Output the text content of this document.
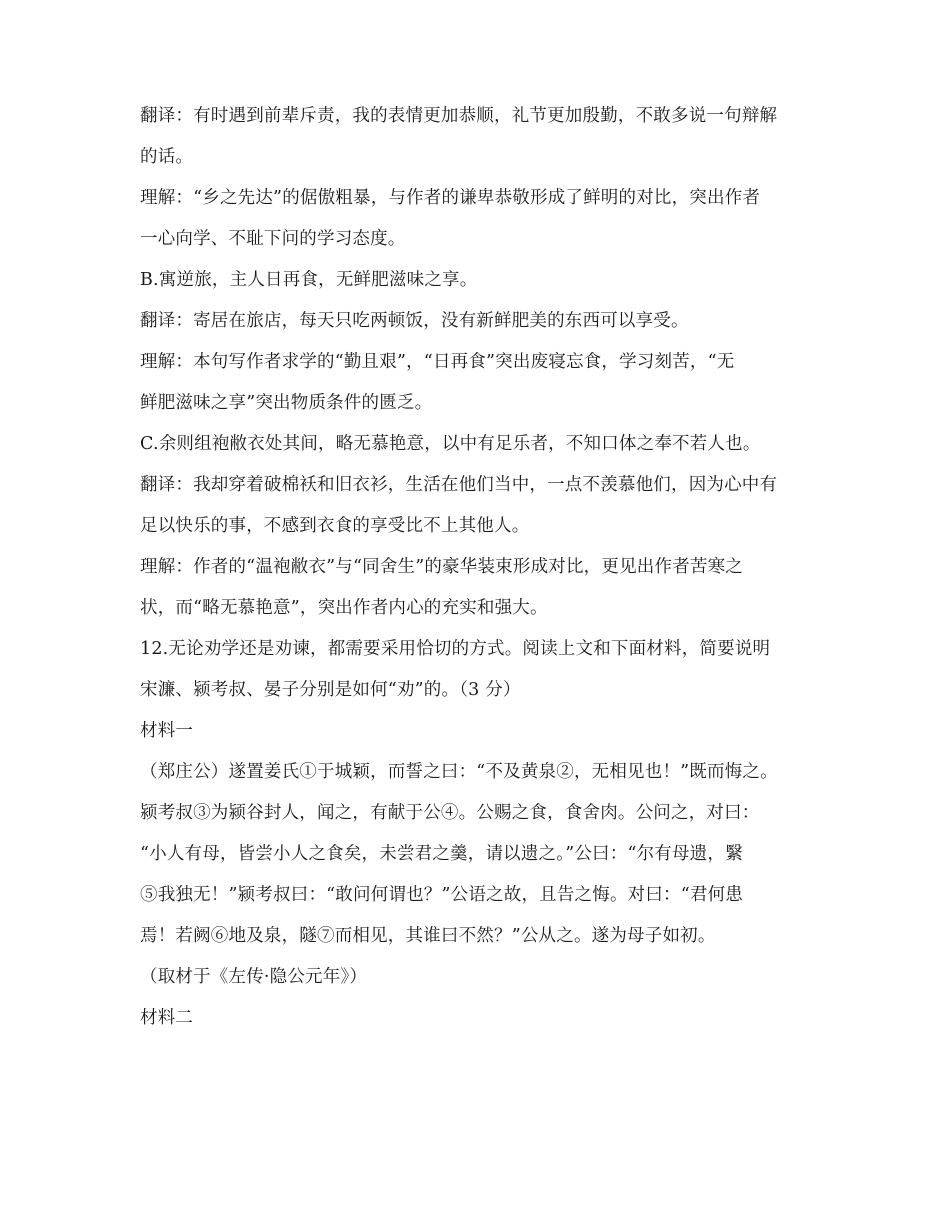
翻译：有时遇到前辈斥责，我的表情更加恭顺，礼节更加殷勤，不敢多说一句辩解
的话。
理解：“乡之先达”的倨傲粗暴，与作者的谦卑恭敬形成了鲜明的对比，突出作者
一心向学、不耻下问的学习态度。
B.寓逆旅，主人日再食，无鲜肥滋味之享。
翻译：寄居在旅店，每天只吃两顿饭，没有新鲜肥美的东西可以享受。
理解：本句写作者求学的“勤且艰”，“日再食”突出废寝忘食，学习刻苦，“无
鲜肥滋味之享”突出物质条件的匮乏。
C.余则组袍敝衣处其间，略无慕艳意，以中有足乐者，不知口体之奉不若人也。
翻译：我却穿着破棉袄和旧衣衫，生活在他们当中，一点不羡慕他们，因为心中有
足以快乐的事，不感到衣食的享受比不上其他人。
理解：作者的“温袍敝衣”与“同舍生”的豪华装束形成对比，更见出作者苦寒之
状，而“略无慕艳意”，突出作者内心的充实和强大。
12.无论劝学还是劝谏，都需要采用恰切的方式。阅读上文和下面材料，简要说明
宋濂、颍考叔、晏子分别是如何“劝”的。（3 分）
材料一
（郑庄公）遂置姜氏①于城颖，而誓之曰：“不及黄泉②，无相见也！”既而悔之。
颍考叔③为颍谷封人，闻之，有献于公④。公赐之食，食舍肉。公问之，对曰：
“小人有母，皆尝小人之食矣，未尝君之羹，请以遗之。”公曰：“尔有母遗，繄
⑤我独无！”颍考叔曰：“敢问何谓也？”公语之故，且告之悔。对曰：“君何患
焉！若阙⑥地及泉，隧⑦而相见，其谁曰不然？”公从之。遂为母子如初。
（取材于《左传·隐公元年》）
材料二
